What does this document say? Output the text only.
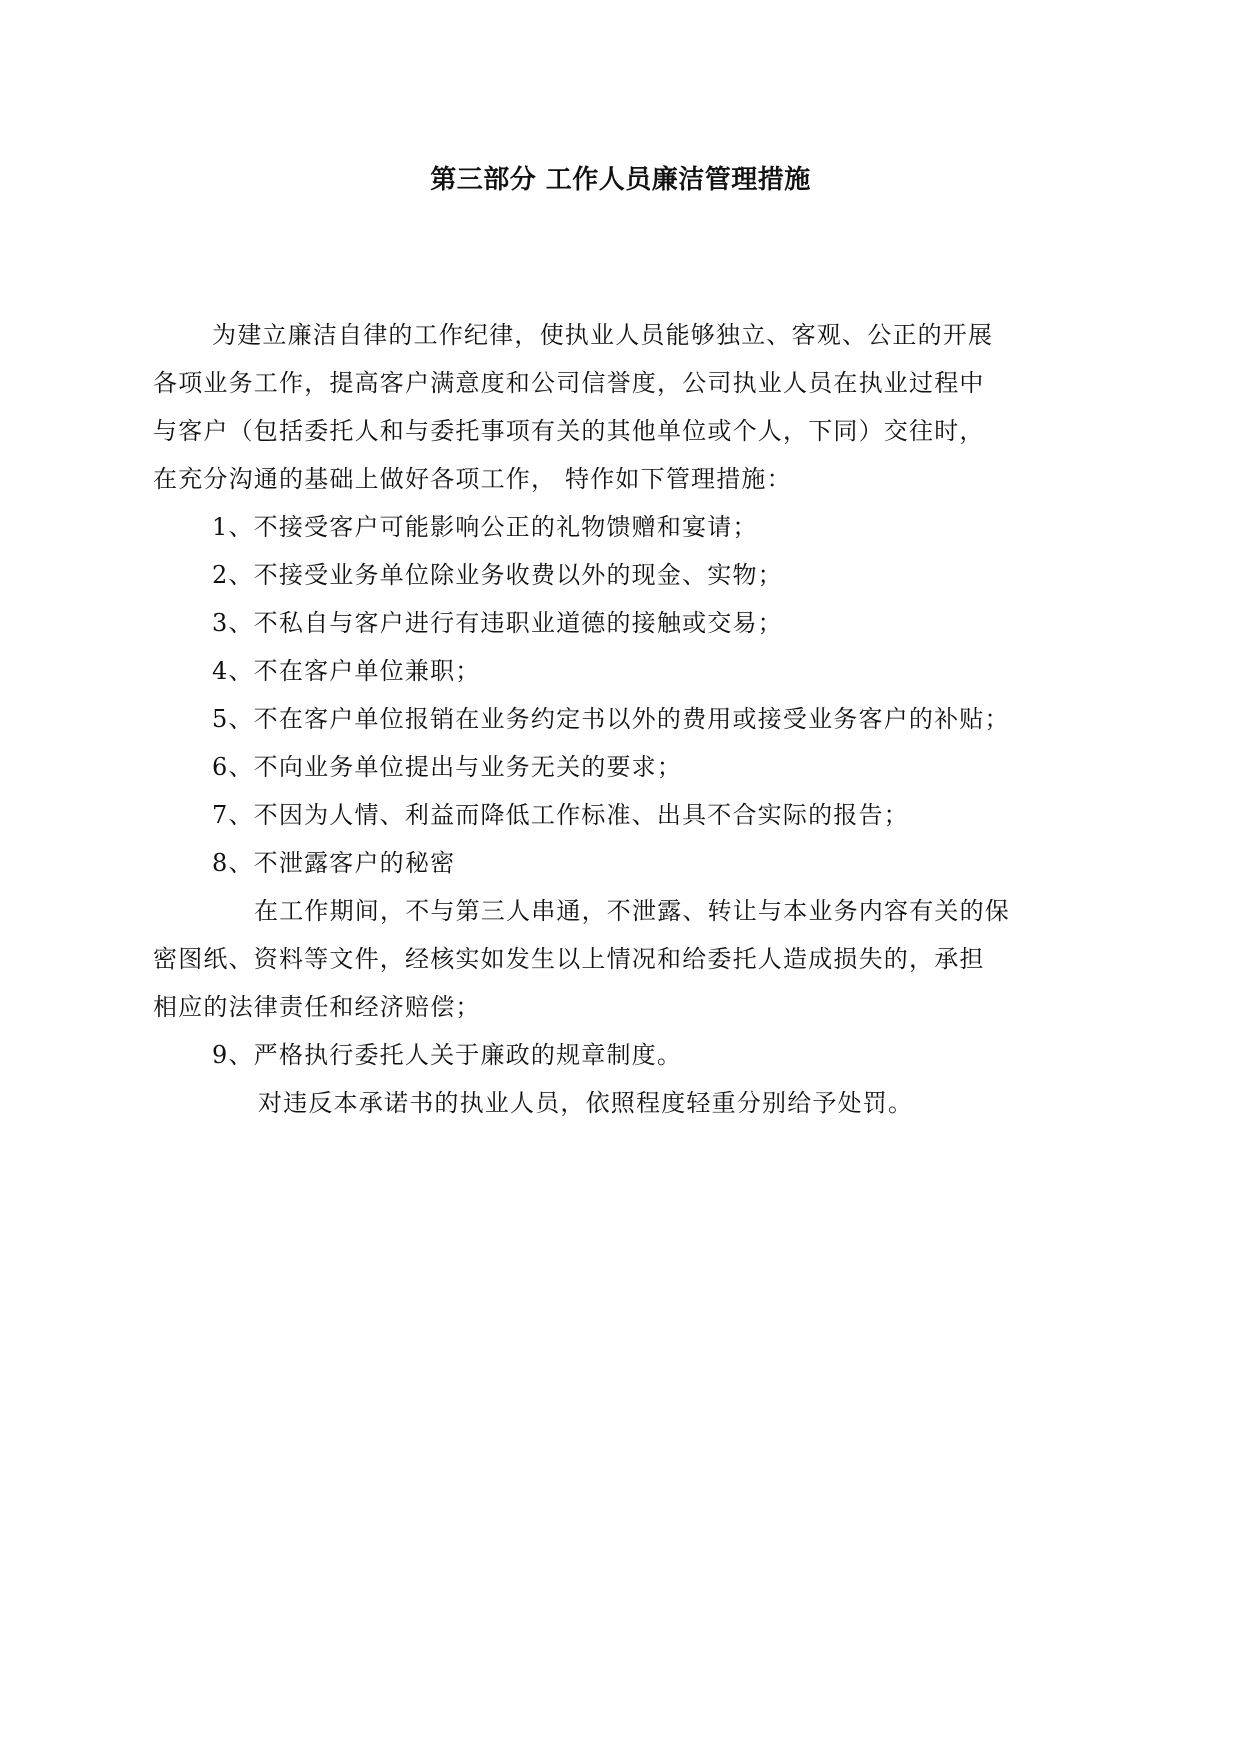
第三部分 工作人员廉洁管理措施
为建立廉洁自律的工作纪律，使执业人员能够独立、客观、公正的开展
各项业务工作，提高客户满意度和公司信誉度，公司执业人员在执业过程中
与客户（包括委托人和与委托事项有关的其他单位或个人，下同）交往时，
在充分沟通的基础上做好各项工作， 特作如下管理措施：
1、不接受客户可能影响公正的礼物馈赠和宴请；
2、不接受业务单位除业务收费以外的现金、实物；
3、不私自与客户进行有违职业道德的接触或交易；
4、不在客户单位兼职；
5、不在客户单位报销在业务约定书以外的费用或接受业务客户的补贴；
6、不向业务单位提出与业务无关的要求；
7、不因为人情、利益而降低工作标准、出具不合实际的报告；
8、不泄露客户的秘密
在工作期间，不与第三人串通，不泄露、转让与本业务内容有关的保
密图纸、资料等文件，经核实如发生以上情况和给委托人造成损失的，承担
相应的法律责任和经济赔偿；
9、严格执行委托人关于廉政的规章制度。
对违反本承诺书的执业人员，依照程度轻重分别给予处罚。
